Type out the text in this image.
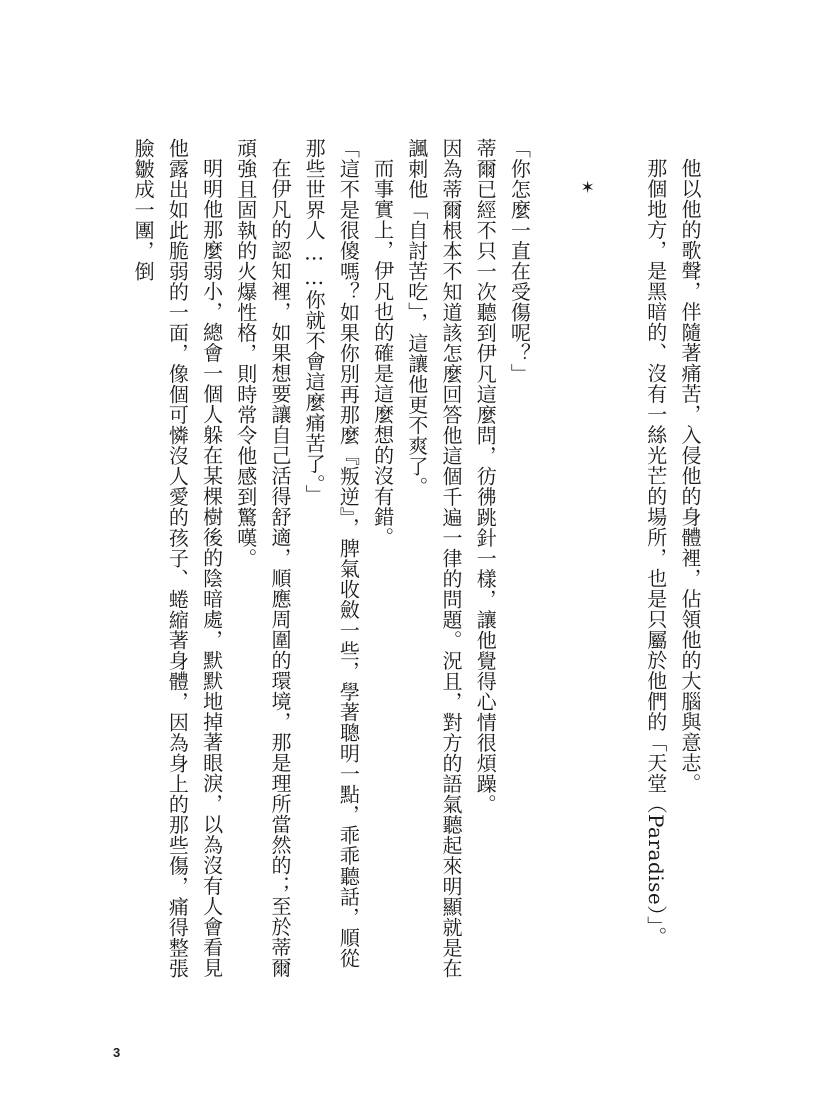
他以他的歌聲，伴隨著痛苦，入侵他的身體裡，佔領他的大腦與意志。

那個地方，是黑暗的、沒有一絲光芒的場所，也是只屬於他們的「天堂（Paradise）」。

✶

「你怎麼一直在受傷呢？」

蒂爾已經不只一次聽到伊凡這麼問，彷彿跳針一樣，讓他覺得心情很煩躁。

因為蒂爾根本不知道該怎麼回答他這個千遍一律的問題。況且，對方的語氣聽起來明顯就是在諷刺他「自討苦吃」，這讓他更不爽了。

而事實上，伊凡也的確是這麼想的沒有錯。

「這不是很傻嗎？如果你別再那麼『叛逆』，脾氣收斂一些，學著聰明一點，乖乖聽話，順從那些世界人……你就不會這麼痛苦了。」

在伊凡的認知裡，如果想要讓自己活得舒適，順應周圍的環境，那是理所當然的；至於蒂爾頑強且固執的火爆性格，則時常令他感到驚嘆。

明明他那麼弱小，總會一個人躲在某棵樹後的陰暗處，默默地掉著眼淚，以為沒有人會看見他露出如此脆弱的一面，像個可憐沒人愛的孩子、蜷縮著身體，因為身上的那些傷，痛得整張臉皺成一團，倒

3
